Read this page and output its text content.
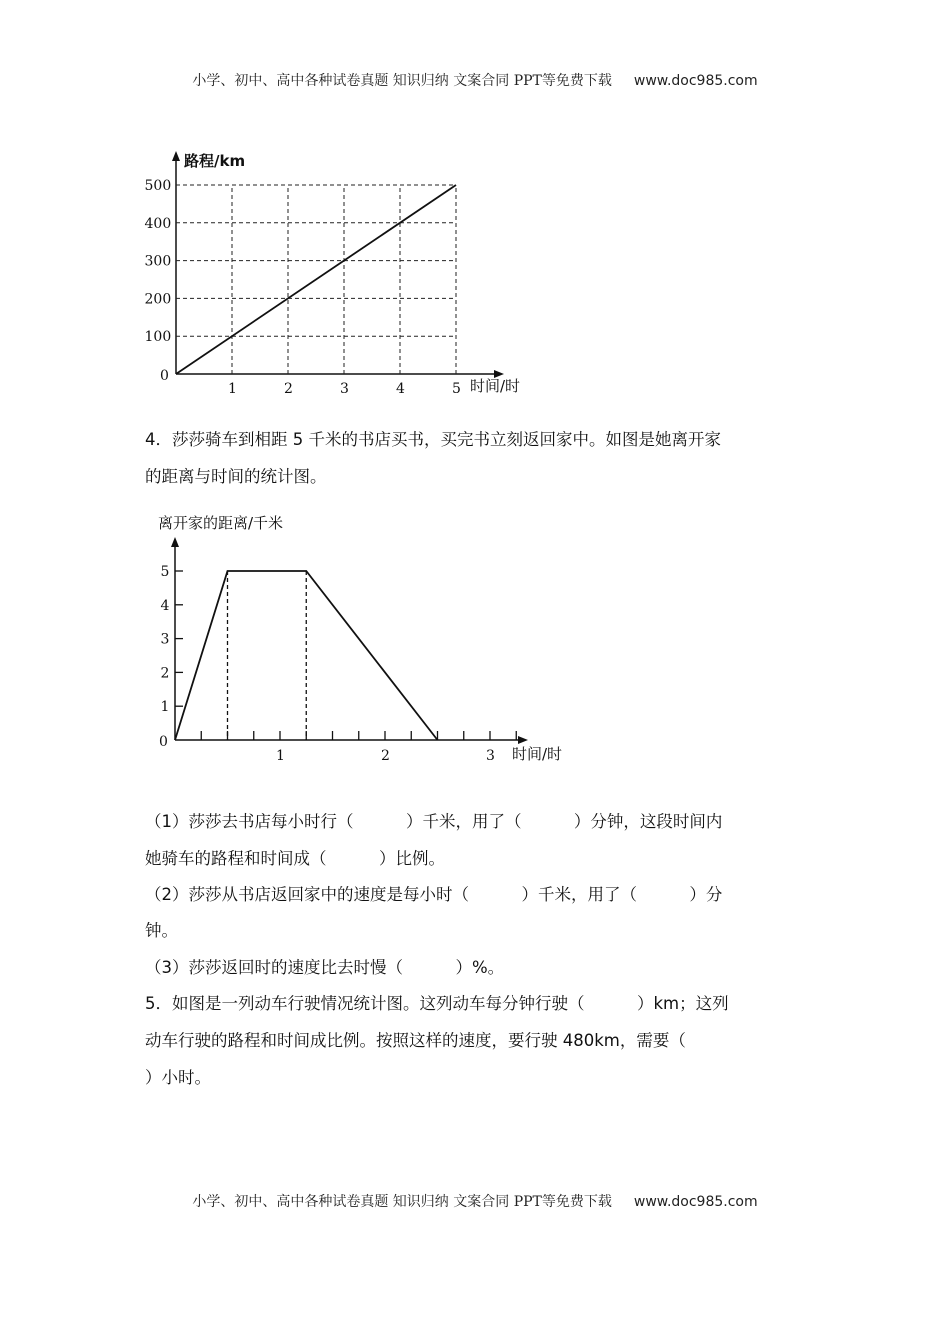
小学、初中、高中各种试卷真题 知识归纳 文案合同 PPT等免费下载 www.doc985.com
0
1	2	3	4	5
100
200
300
400
500
时间/时
路程/km
0
1	2	3
1
2
3
4
5
时间/时
离开家的距离/千米
4．莎莎骑车到相距 5 千米的书店买书，买完书立刻返回家中。如图是她离开家
的距离与时间的统计图。
（1）莎莎去书店每小时行（          ）千米，用了（          ）分钟，这段时间内
她骑车的路程和时间成（          ）比例。
（2）莎莎从书店返回家中的速度是每小时（          ）千米，用了（          ）分
钟。
（3）莎莎返回时的速度比去时慢（          ）%。
5．如图是一列动车行驶情况统计图。这列动车每分钟行驶（          ）km；这列
动车行驶的路程和时间成比例。按照这样的速度，要行驶 480km，需要（
）小时。
小学、初中、高中各种试卷真题 知识归纳 文案合同 PPT等免费下载 www.doc985.com
